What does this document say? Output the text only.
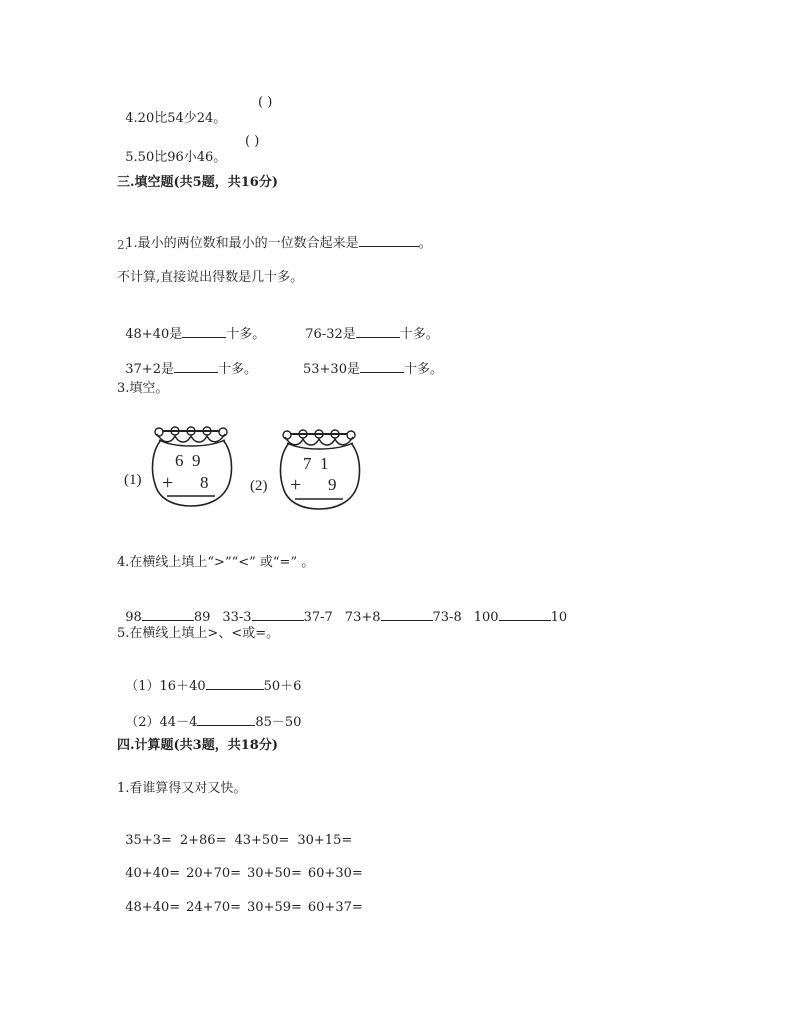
4.20比54少24。

( )

5.50比96小46。

( )
三.填空题(共5题，共16分)

1.最小的两位数和最小的一位数合起来是	。

2.
不计算,直接说出得数是几十多。

48+40是	十多。	76-32是	十多。

37+2是	十多。	53+30是	十多。

3.填空。
(1)
6  9
+ 8	(2)
7  1
+ 9
4.在横线上填上“>”“<” 或“=” 。

98	89 33-3	37-7 73+8	73-8 100	10

5.在横线上填上>、<或=。

（1）16＋40	50＋6

（2）44－4	85－50

四.计算题(共3题，共18分)
1.看谁算得又对又快。

35+3= 2+86= 43+50= 30+15=

40+40= 20+70= 30+50= 60+30=

48+40= 24+70= 30+59= 60+37=
